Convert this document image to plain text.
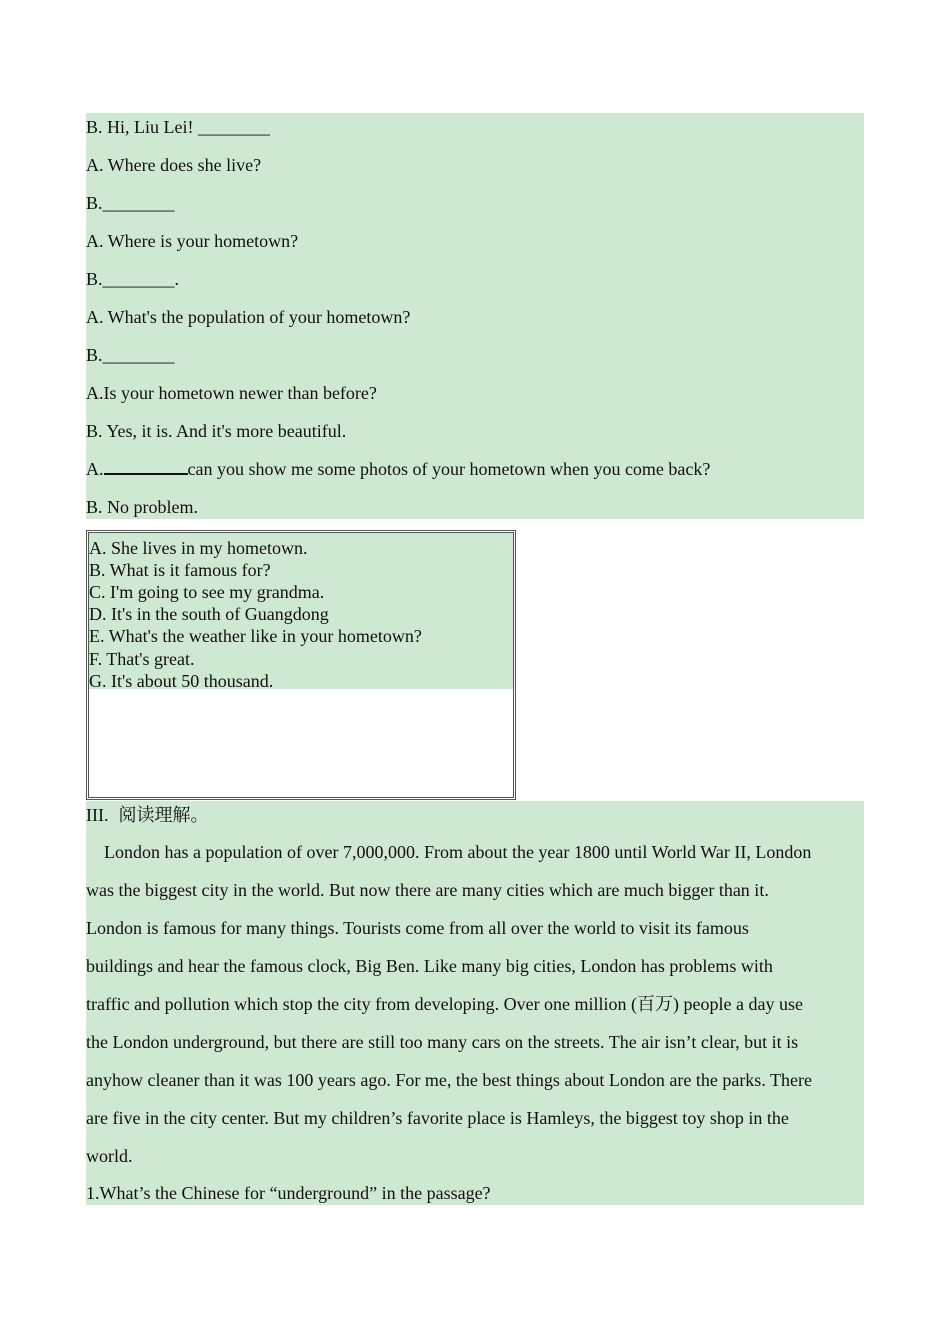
B. Hi, Liu Lei! ________
A. Where does she live?
B.________
A. Where is your hometown?
B.________.
A. What's the population of your hometown?
B.________
A.Is your hometown newer than before?
B. Yes, it is. And it's more beautiful.
A.	can you show me some photos of your hometown when you come back?
B. No problem.
A. She lives in my hometown.
B. What is it famous for?
C. I'm going to see my grandma.
D. It's in the south of Guangdong
E. What's the weather like in your hometown?
F. That's great.
G. It's about 50 thousand.
III. 阅读理解。
London has a population of over 7,000,000. From about the year 1800 until World War II, London
was the biggest city in the world. But now there are many cities which are much bigger than it.
London is famous for many things. Tourists come from all over the world to visit its famous
buildings and hear the famous clock, Big Ben. Like many big cities, London has problems with
traffic and pollution which stop the city from developing. Over one million (百万) people a day use
the London underground, but there are still too many cars on the streets. The air isn’t clear, but it is
anyhow cleaner than it was 100 years ago. For me, the best things about London are the parks. There
are five in the city center. But my children’s favorite place is Hamleys, the biggest toy shop in the
world.
1.What’s the Chinese for “underground” in the passage?
